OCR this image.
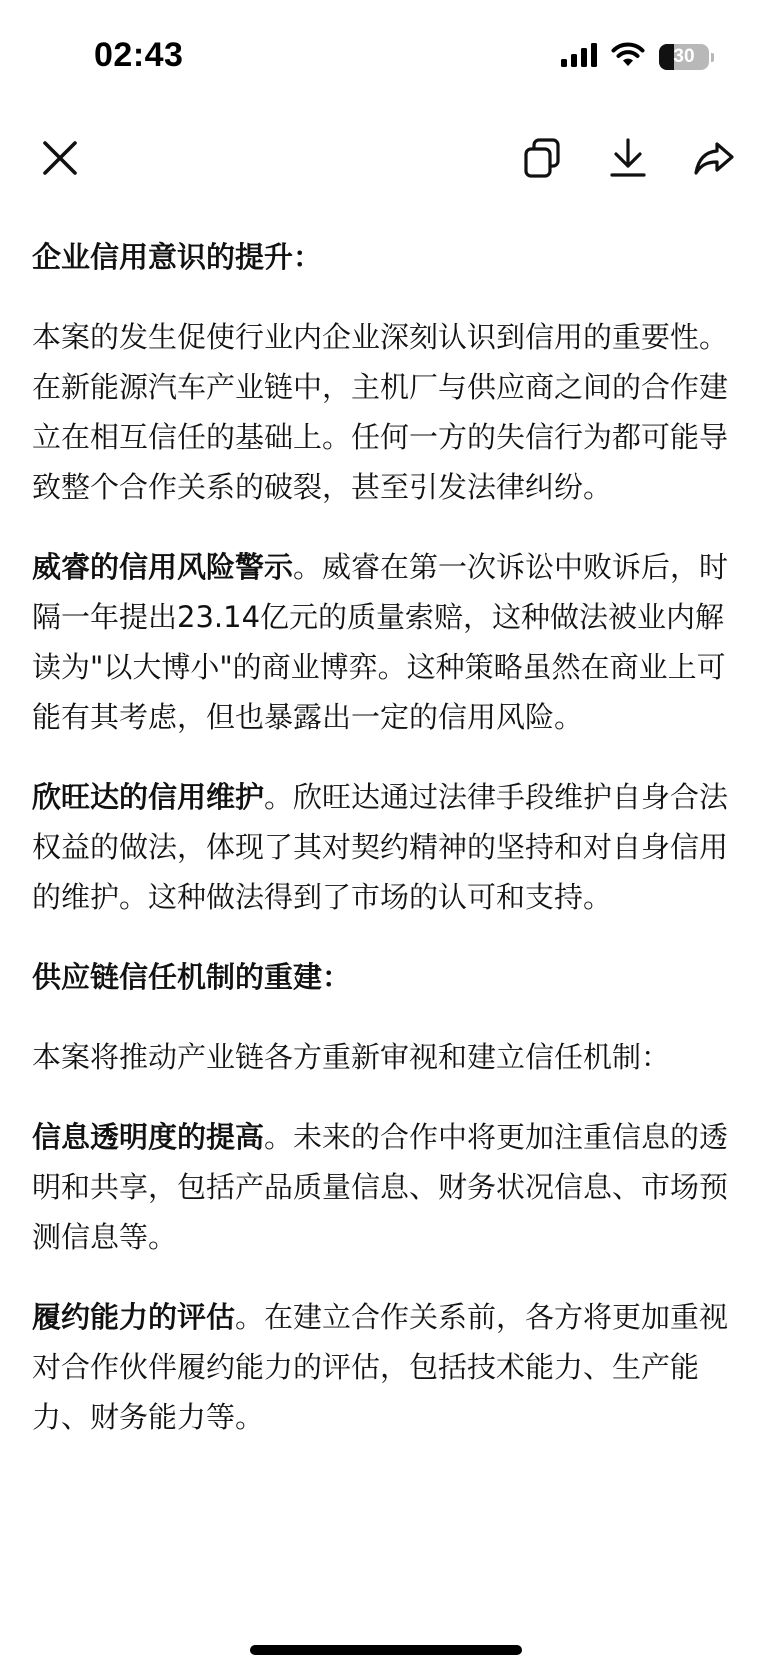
02:43	30

企业信用意识的提升：

本案的发生促使行业内企业深刻认识到信用的重要性。在新能源汽车产业链中，主机厂与供应商之间的合作建立在相互信任的基础上。任何一方的失信行为都可能导致整个合作关系的破裂，甚至引发法律纠纷。

威睿的信用风险警示。威睿在第一次诉讼中败诉后，时隔一年提出23.14亿元的质量索赔，这种做法被业内解读为"以大博小"的商业博弈。这种策略虽然在商业上可能有其考虑，但也暴露出一定的信用风险。

欣旺达的信用维护。欣旺达通过法律手段维护自身合法权益的做法，体现了其对契约精神的坚持和对自身信用的维护。这种做法得到了市场的认可和支持。

供应链信任机制的重建：

本案将推动产业链各方重新审视和建立信任机制：

信息透明度的提高。未来的合作中将更加注重信息的透明和共享，包括产品质量信息、财务状况信息、市场预测信息等。

履约能力的评估。在建立合作关系前，各方将更加重视对合作伙伴履约能力的评估，包括技术能力、生产能力、财务能力等。
